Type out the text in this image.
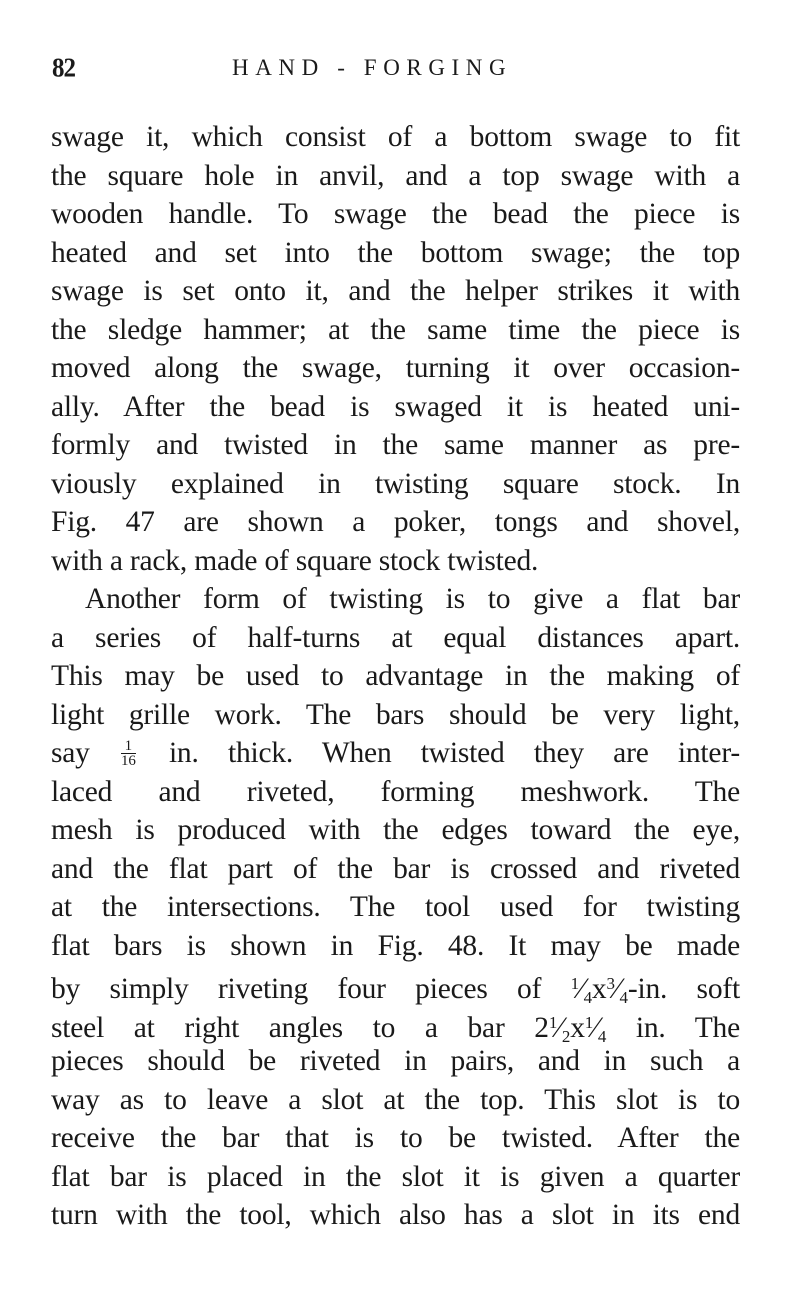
82	HAND - FORGING
swage it, which consist of a bottom swage to fit
the square hole in anvil, and a top swage with a
wooden handle. To swage the bead the piece is
heated and set into the bottom swage; the top
swage is set onto it, and the helper strikes it with
the sledge hammer; at the same time the piece is
moved along the swage, turning it over occasion-
ally. After the bead is swaged it is heated uni-
formly and twisted in the same manner as pre-
viously explained in twisting square stock. In
Fig. 47 are shown a poker, tongs and shovel,
with a rack, made of square stock twisted.
Another form of twisting is to give a flat bar
a series of half-turns at equal distances apart.
This may be used to advantage in the making of
light grille work. The bars should be very light,
say $\frac{1}{16}$ in. thick. When twisted they are inter-
laced and riveted, forming meshwork. The
mesh is produced with the edges toward the eye,
and the flat part of the bar is crossed and riveted
at the intersections. The tool used for twisting
flat bars is shown in Fig. 48. It may be made
by simply riveting four pieces of $^1⁄_4x^3⁄_4-in$. soft
steel at right angles to a bar $2^1⁄_2x^1⁄_4$ in. The
pieces should be riveted in pairs, and in such a
way as to leave a slot at the top. This slot is to
receive the bar that is to be twisted. After the
flat bar is placed in the slot it is given a quarter
turn with the tool, which also has a slot in its end
